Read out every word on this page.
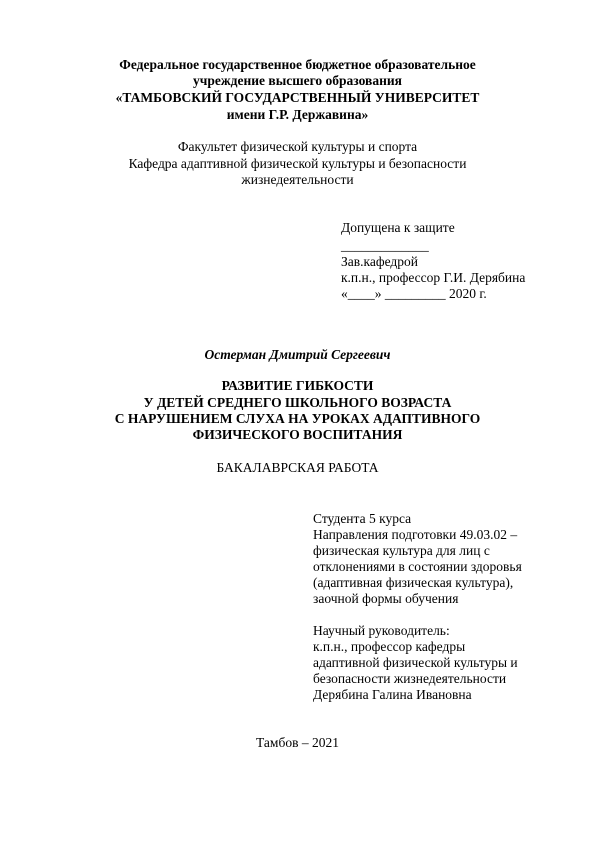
Федеральное государственное бюджетное образовательное
учреждение высшего образования
«ТАМБОВСКИЙ ГОСУДАРСТВЕННЫЙ УНИВЕРСИТЕТ
имени Г.Р. Державина»
Факультет физической культуры и спорта
Кафедра адаптивной физической культуры и безопасности
жизнедеятельности
Допущена к защите
_____________
Зав.кафедрой
к.п.н., профессор Г.И. Дерябина
«____» _________ 2020 г.
Остерман Дмитрий Сергеевич
РАЗВИТИЕ ГИБКОСТИ
У ДЕТЕЙ СРЕДНЕГО ШКОЛЬНОГО ВОЗРАСТА
С НАРУШЕНИЕМ СЛУХА НА УРОКАХ АДАПТИВНОГО
ФИЗИЧЕСКОГО ВОСПИТАНИЯ
БАКАЛАВРСКАЯ РАБОТА
Студента 5 курса
Направления подготовки 49.03.02 –
физическая культура для лиц с
отклонениями в состоянии здоровья
(адаптивная физическая культура),
заочной формы обучения
Научный руководитель:
к.п.н., профессор кафедры
адаптивной физической культуры и
безопасности жизнедеятельности
Дерябина Галина Ивановна
Тамбов – 2021
